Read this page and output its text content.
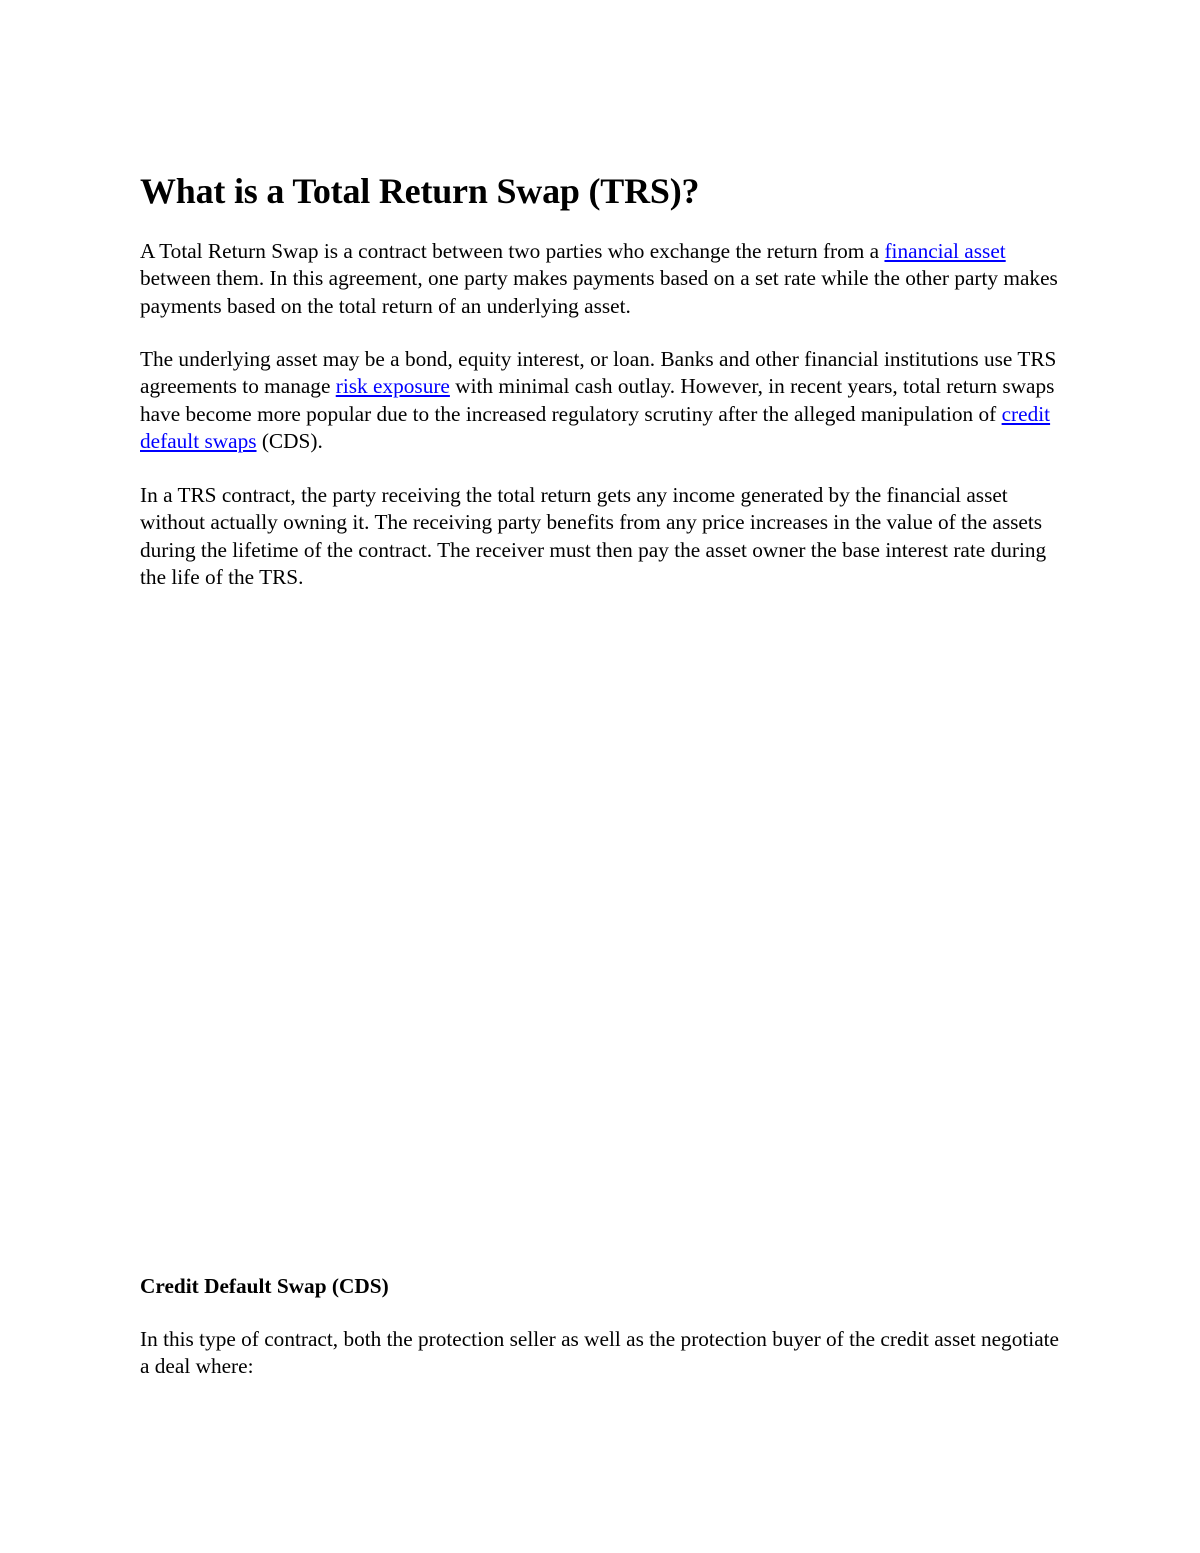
What is a Total Return Swap (TRS)?

A Total Return Swap is a contract between two parties who exchange the return from a financial asset between them. In this agreement, one party makes payments based on a set rate while the other party makes payments based on the total return of an underlying asset.

The underlying asset may be a bond, equity interest, or loan. Banks and other financial institutions use TRS agreements to manage risk exposure with minimal cash outlay. However, in recent years, total return swaps have become more popular due to the increased regulatory scrutiny after the alleged manipulation of credit default swaps (CDS).

In a TRS contract, the party receiving the total return gets any income generated by the financial asset without actually owning it. The receiving party benefits from any price increases in the value of the assets during the lifetime of the contract. The receiver must then pay the asset owner the base interest rate during the life of the TRS.

Credit Default Swap (CDS)

In this type of contract, both the protection seller as well as the protection buyer of the credit asset negotiate a deal where:
